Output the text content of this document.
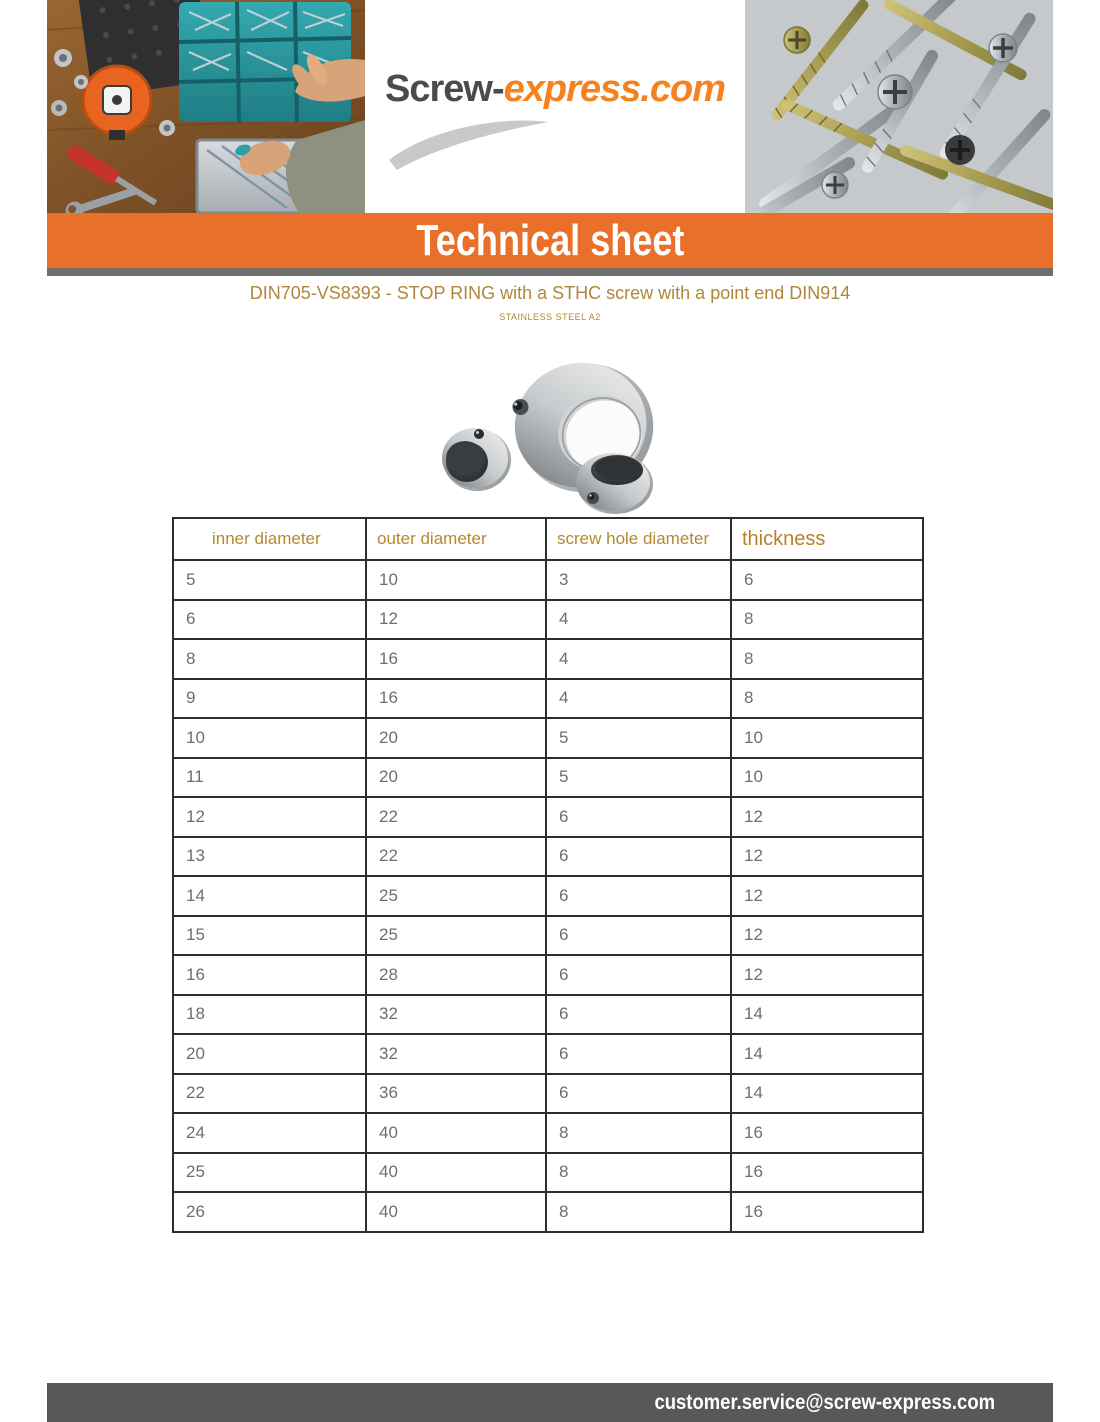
Screw-express.com
Technical sheet
DIN705-VS8393 - STOP RING with a STHC screw with a point end DIN914
STAINLESS STEEL A2
inner diameter	outer diameter	screw hole diameter	thickness
5	10	3	6
6	12	4	8
8	16	4	8
9	16	4	8
10	20	5	10
11	20	5	10
12	22	6	12
13	22	6	12
14	25	6	12
15	25	6	12
16	28	6	12
18	32	6	14
20	32	6	14
22	36	6	14
24	40	8	16
25	40	8	16
26	40	8	16
customer.service@screw-express.com
